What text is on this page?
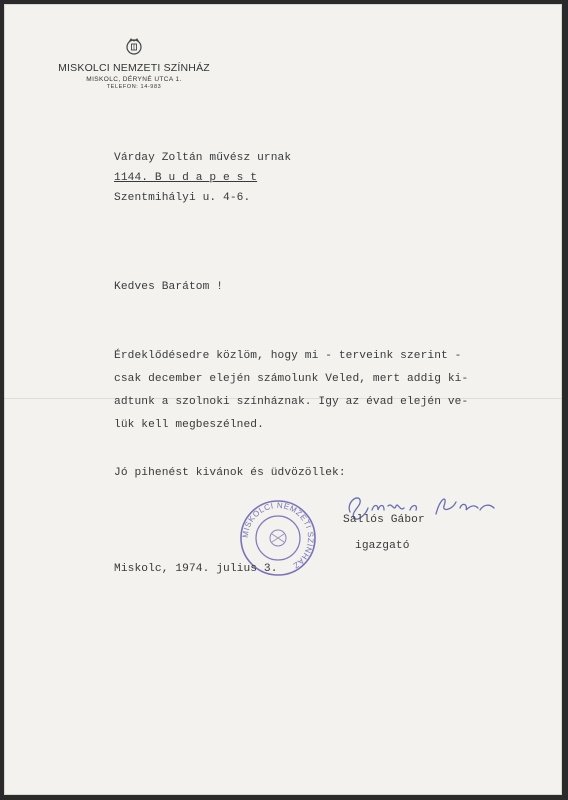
MISKOLCI NEMZETI SZÍNHÁZ
MISKOLC, DÉRYNÉ UTCA 1.
TELEFON: 14-983
Várday Zoltán művész urnak
1144. B u d a p e s t
Szentmihályi u. 4-6.
Kedves Barátom !
Érdeklődésedre közlöm, hogy mi - terveink szerint -
csak december elején számolunk Veled, mert addig ki-
adtunk a szolnoki színháznak. Igy az évad elején ve-
lük kell megbeszélned.
Jó pihenést kivánok és üdvözöllek:
MISKOLCI NEMZETI SZÍNHÁZ
Sallós Gábor
igazgató
Miskolc, 1974. julius 3.
